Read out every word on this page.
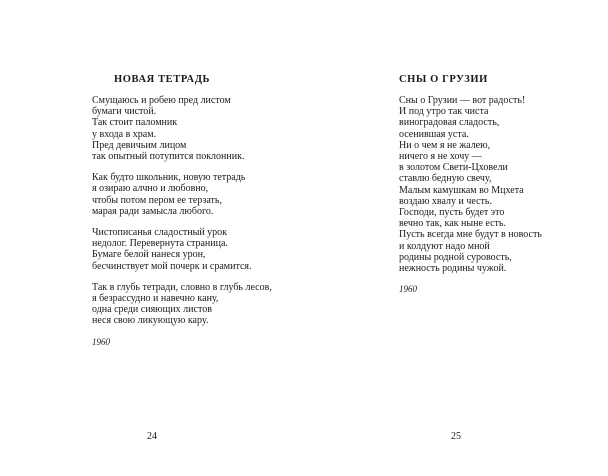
НОВАЯ ТЕТРАДЬ
Смущаюсь и робею пред листом
бумаги чистой.
Так стоит паломник
у входа в храм.
Пред девичьим лицом
так опытный потупится поклонник.
Как будто школьник, новую тетрадь
я озираю алчно и любовно,
чтобы потом пером ее терзать,
марая ради замысла любого.
Чистописанья сладостный урок
недолог. Перевернута страница.
Бумаге белой нанеся урон,
бесчинствует мой почерк и срамится.
Так в глубь тетради, словно в глубь лесов,
я безрассудно и навечно кану,
одна среди сияющих листов
неся свою ликующую кару.
1960
24
СНЫ О ГРУЗИИ
Сны о Грузии — вот радость!
И под утро так чиста
виноградовая сладость,
осенившая уста.
Ни о чем я не жалею,
ничего я не хочу —
в золотом Свети-Цховели
ставлю бедную свечу,
Малым камушкам во Мцхета
воздаю хвалу и честь.
Господи, пусть будет это
вечно так, как ныне есть.
Пусть всегда мне будут в новость
и колдуют надо мной
родины родной суровость,
нежность родины чужой.
1960
25
